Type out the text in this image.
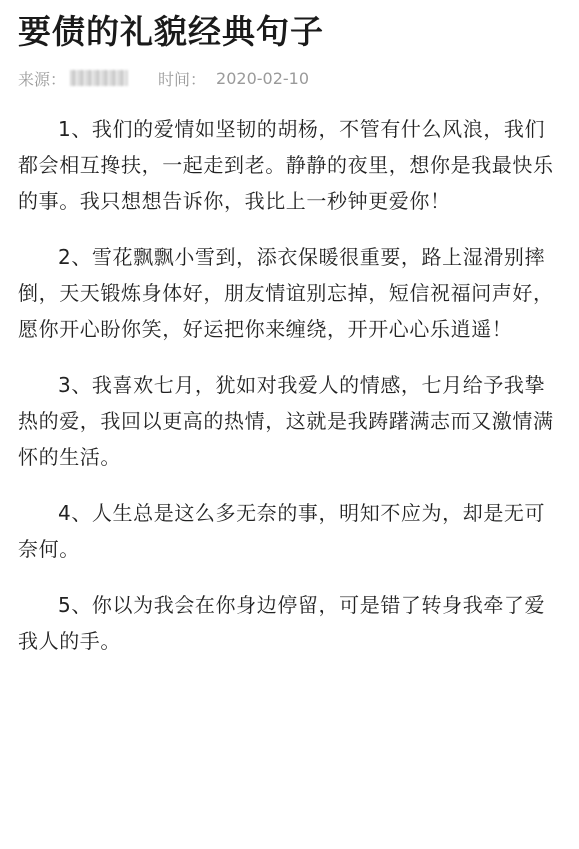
要债的礼貌经典句子
来源：	时间： 2020-02-10

1、我们的爱情如坚韧的胡杨，不管有什么风浪，我们都会相互搀扶，一起走到老。静静的夜里，想你是我最快乐的事。我只想想告诉你，我比上一秒钟更爱你！

2、雪花飘飘小雪到，添衣保暖很重要，路上湿滑别摔倒，天天锻炼身体好，朋友情谊别忘掉，短信祝福问声好，愿你开心盼你笑，好运把你来缠绕，开开心心乐逍遥！

3、我喜欢七月，犹如对我爱人的情感，七月给予我挚热的爱，我回以更高的热情，这就是我踌躇满志而又激情满怀的生活。

4、人生总是这么多无奈的事，明知不应为，却是无可奈何。

5、你以为我会在你身边停留，可是错了转身我牵了爱我人的手。
